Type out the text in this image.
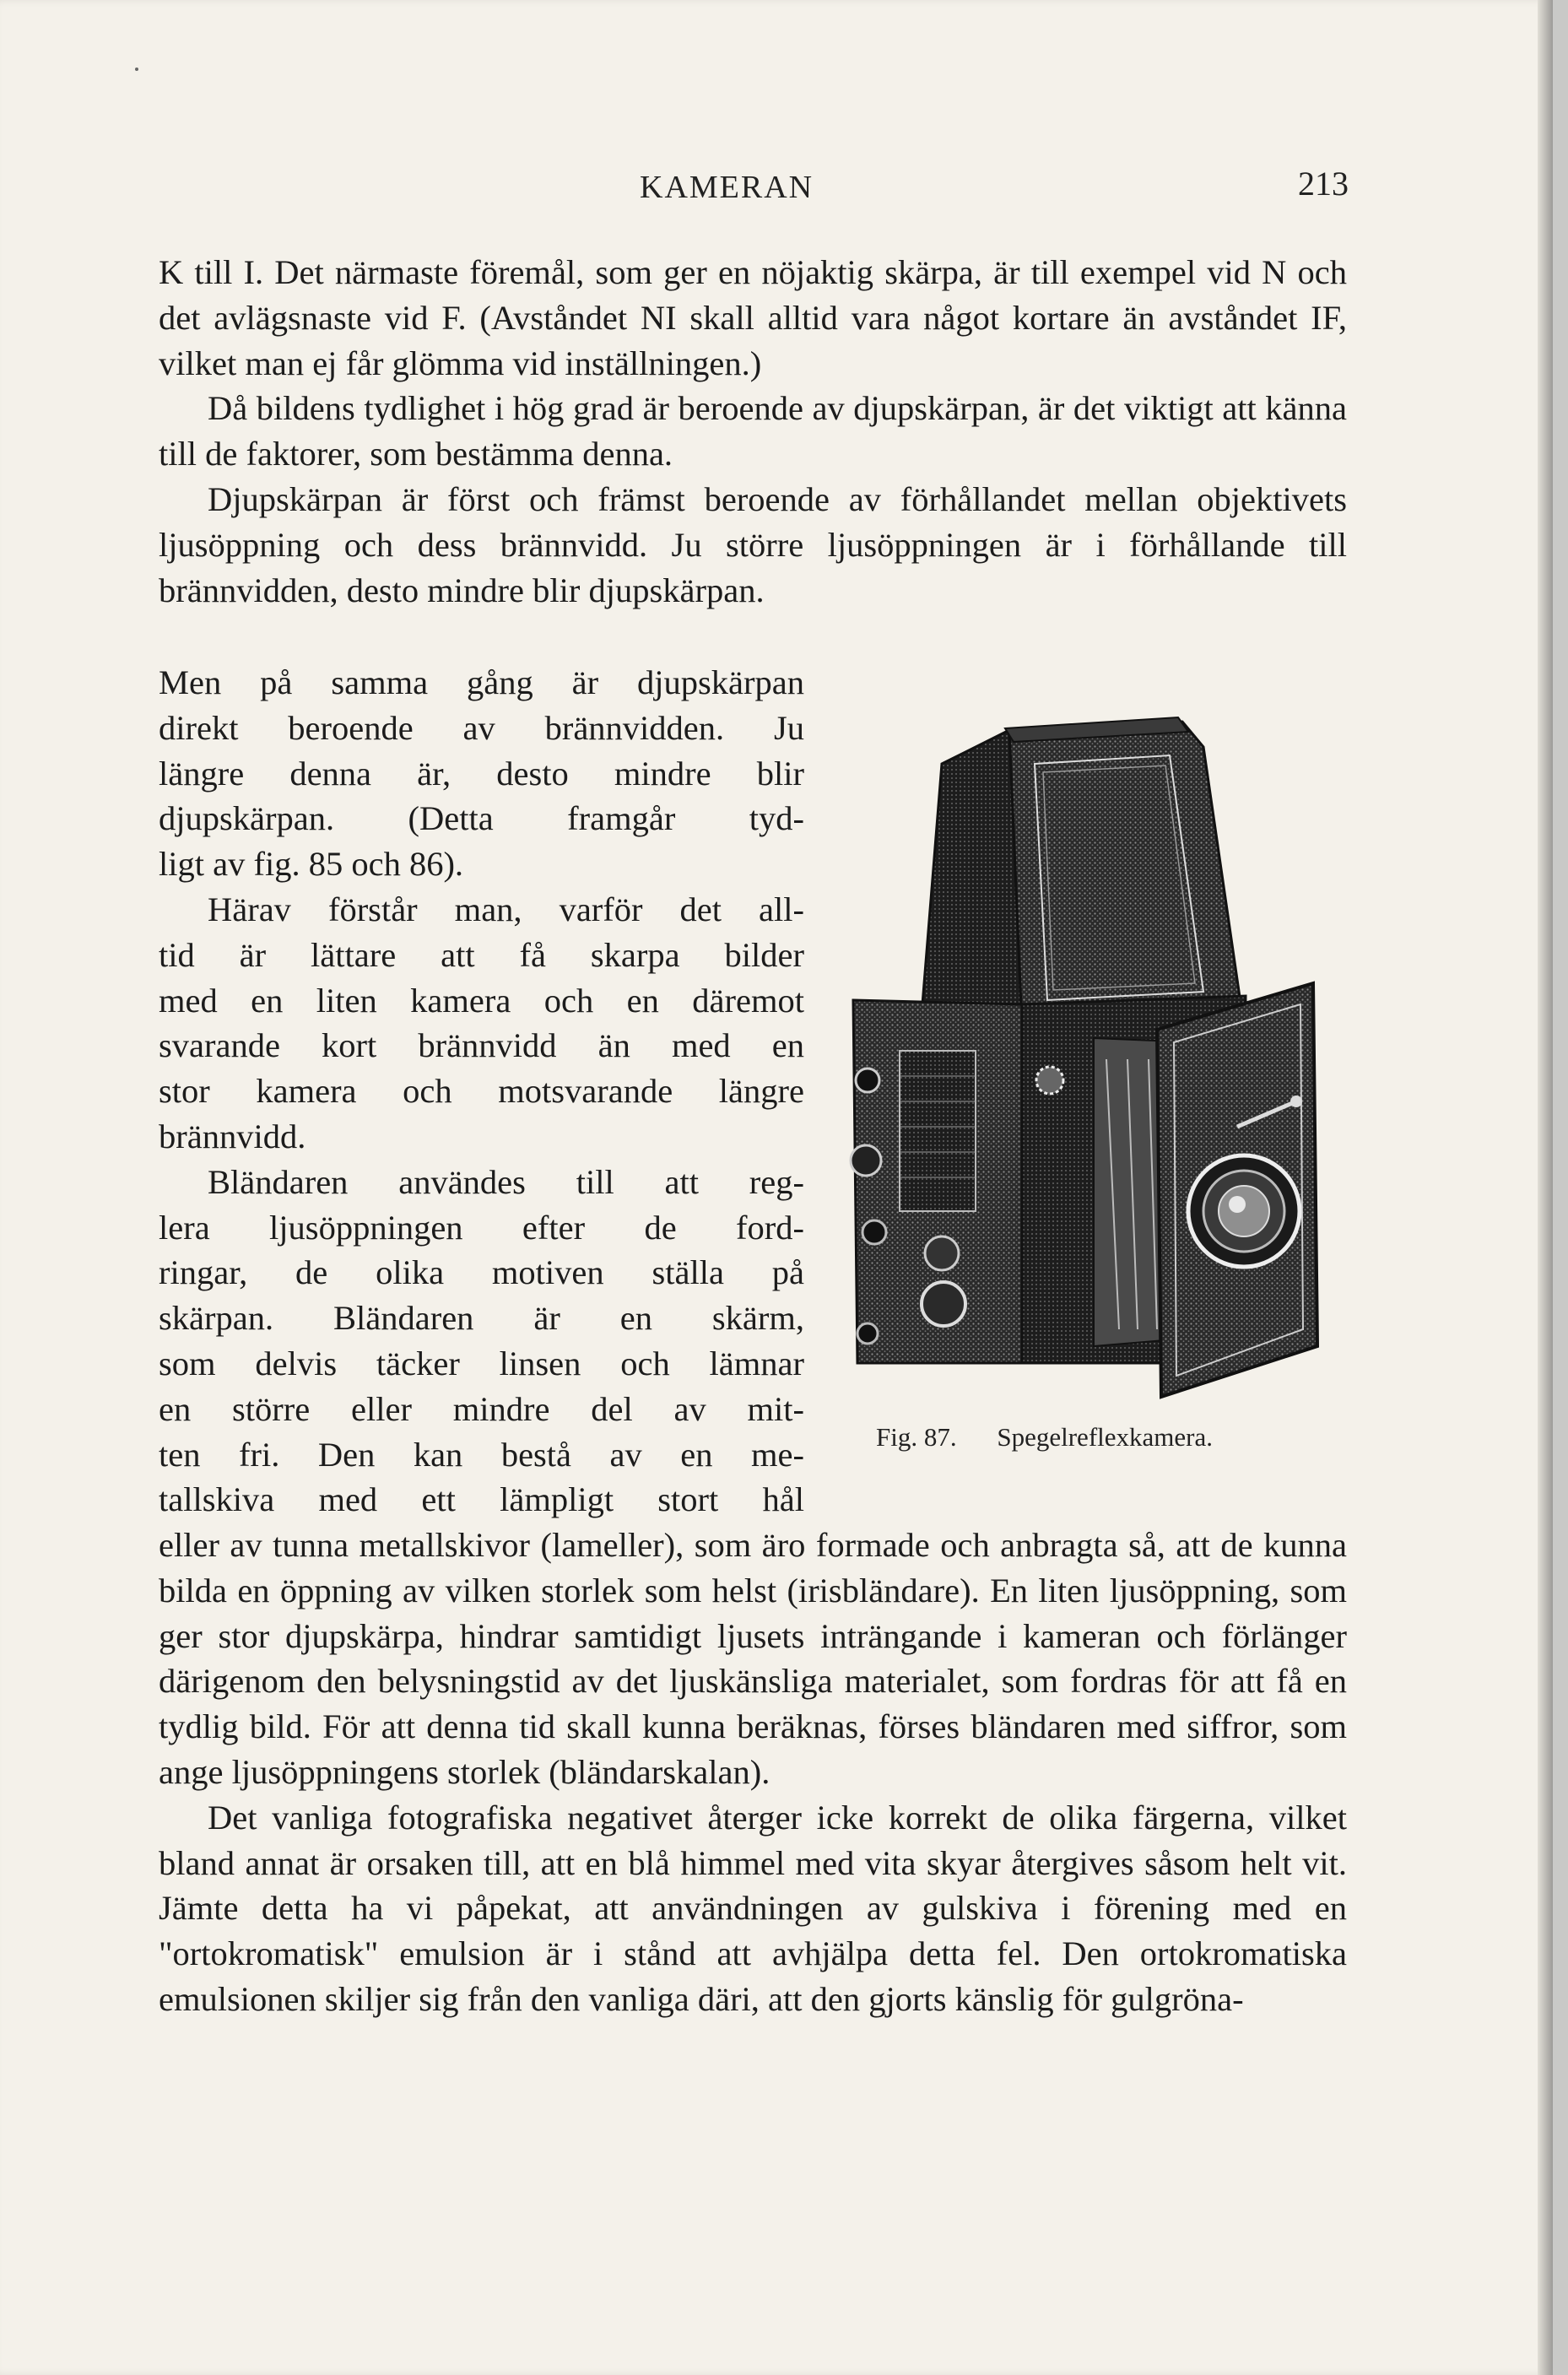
KAMERAN	213

K till I. Det närmaste föremål, som ger en nöjaktig skärpa, är till exempel vid N och det avlägsnaste vid F. (Avståndet NI skall alltid vara något kortare än avståndet IF, vilket man ej får glömma vid inställningen.)

Då bildens tydlighet i hög grad är beroende av djupskärpan, är det viktigt att känna till de faktorer, som bestämma denna.

Djupskärpan är först och främst beroende av förhållandet mellan objektivets ljusöppning och dess brännvidd. Ju större ljusöppningen är i förhållande till brännvidden, desto mindre blir djupskärpan.

Men på samma gång är djupskärpan
direkt beroende av brännvidden. Ju
längre denna är, desto mindre blir
djupskärpan. (Detta framgår tyd-
ligt av fig. 85 och 86).
Härav förstår man, varför det all-
tid är lättare att få skarpa bilder
med en liten kamera och en däremot
svarande kort brännvidd än med en
stor kamera och motsvarande längre
brännvidd.
Bländaren användes till att reg-
lera ljusöppningen efter de ford-
ringar, de olika motiven ställa på
skärpan. Bländaren är en skärm,
som delvis täcker linsen och lämnar
en större eller mindre del av mit-
ten fri. Den kan bestå av en me-
tallskiva med ett lämpligt stort hål
Fig. 87. Spegelreflexkamera.

eller av tunna metallskivor (lameller), som äro formade och anbragta så, att de kunna bilda en öppning av vilken storlek som helst (irisbländare). En liten ljusöppning, som ger stor djupskärpa, hindrar samtidigt ljusets inträngande i kameran och förlänger därigenom den belysningstid av det ljuskänsliga materialet, som fordras för att få en tydlig bild. För att denna tid skall kunna beräknas, förses bländaren med siffror, som ange ljusöppningens storlek (bländarskalan).

Det vanliga fotografiska negativet återger icke korrekt de olika färgerna, vilket bland annat är orsaken till, att en blå himmel med vita skyar återgives såsom helt vit. Jämte detta ha vi påpekat, att användningen av gulskiva i förening med en "ortokromatisk" emulsion är i stånd att avhjälpa detta fel. Den ortokromatiska emulsionen skiljer sig från den vanliga däri, att den gjorts känslig för gulgröna-
